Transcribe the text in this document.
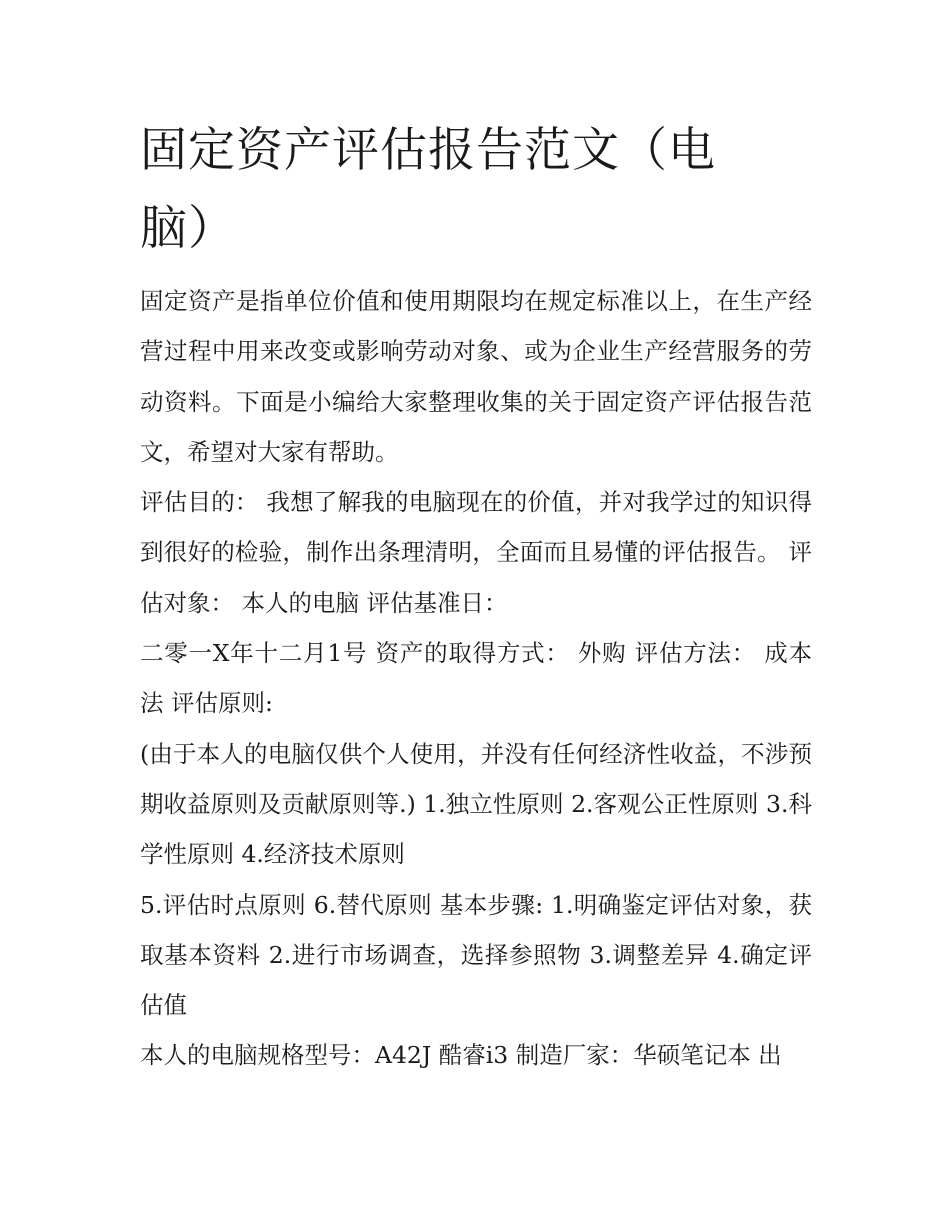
固定资产评估报告范文（电脑）

固定资产是指单位价值和使用期限均在规定标准以上，在生产经营过程中用来改变或影响劳动对象、或为企业生产经营服务的劳动资料。下面是小编给大家整理收集的关于固定资产评估报告范文，希望对大家有帮助。

评估目的： 我想了解我的电脑现在的价值，并对我学过的知识得到很好的检验，制作出条理清明，全面而且易懂的评估报告。 评估对象： 本人的电脑 评估基准日：

二零一X年十二月1号 资产的取得方式： 外购 评估方法： 成本法 评估原则:

(由于本人的电脑仅供个人使用，并没有任何经济性收益，不涉预期收益原则及贡献原则等.) 1.独立性原则 2.客观公正性原则 3.科学性原则 4.经济技术原则

5.评估时点原则 6.替代原则 基本步骤: 1.明确鉴定评估对象，获取基本资料 2.进行市场调查，选择参照物 3.调整差异 4.确定评估值

本人的电脑规格型号：A42J 酷睿i3 制造厂家：华硕笔记本 出
